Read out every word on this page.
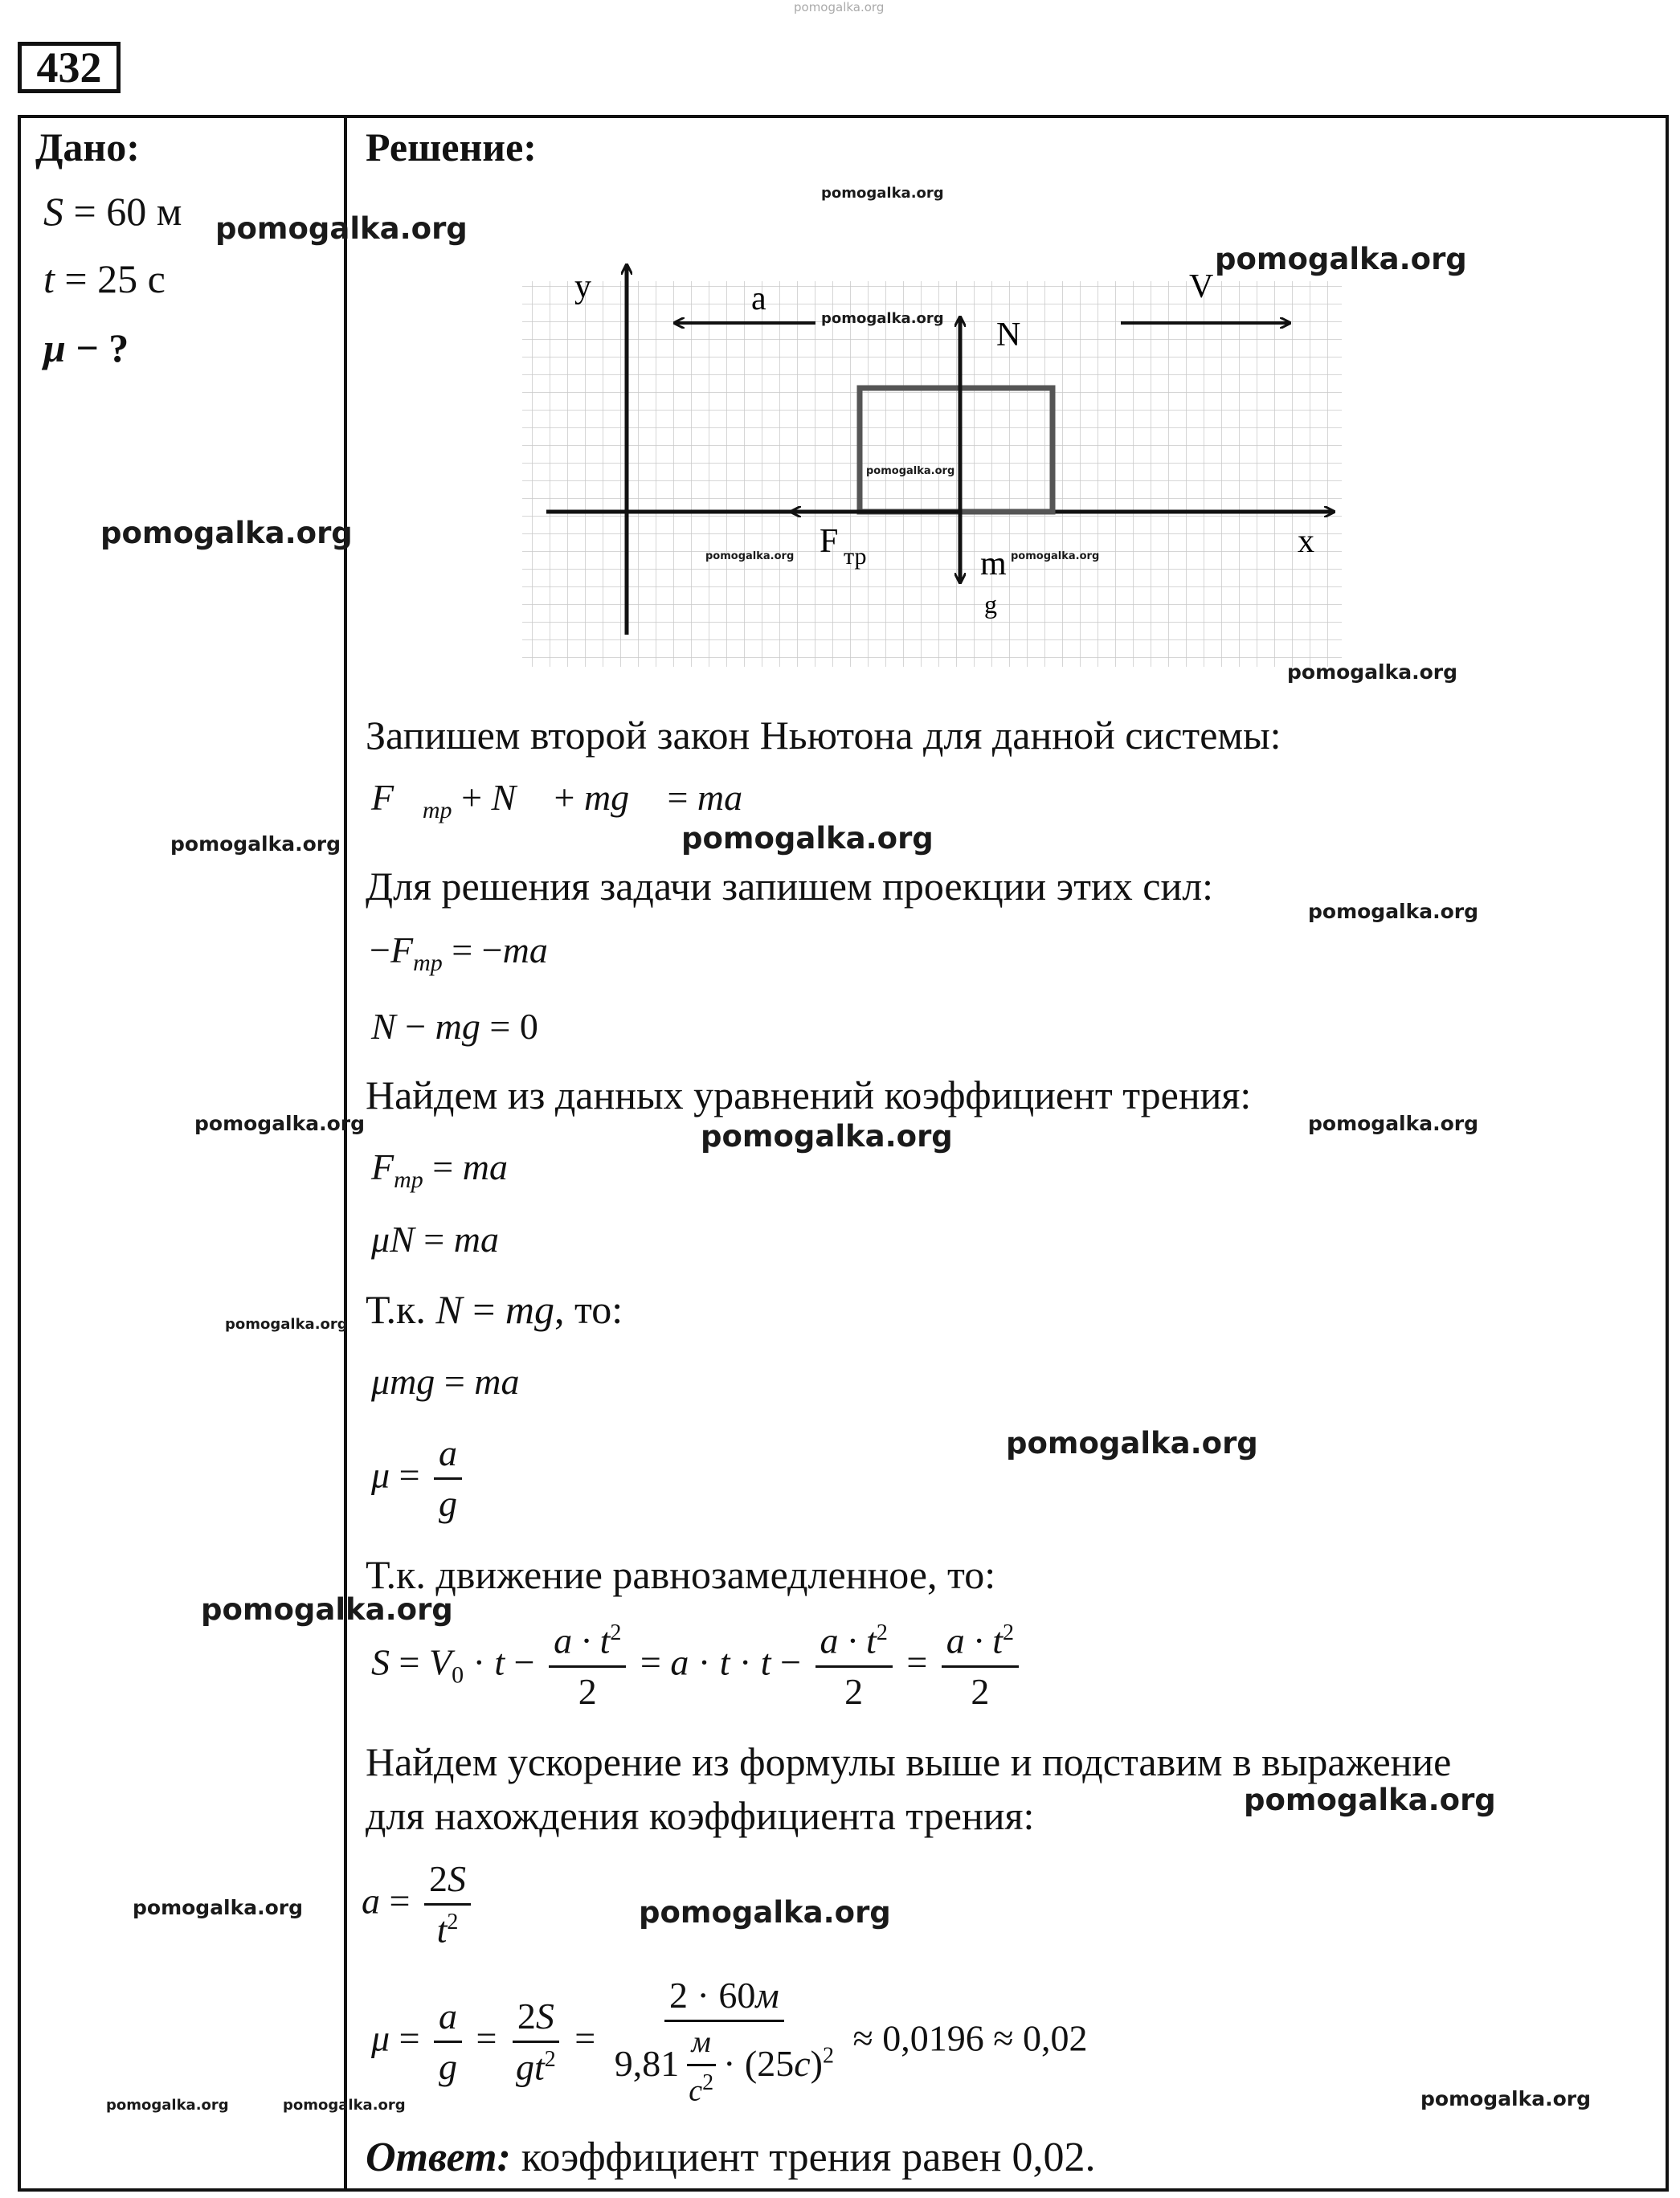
pomogalka.org
432
Дано:
S = 60 м
t = 25 с
μ − ?
Решение:
y
x
a	V
N
F тр	m
g
Запишем второй закон Ньютона для данной системы:
$F⃗_{тр}$ + N⃗ + mg⃗ = ma⃗
Для решения задачи запишем проекции этих сил:
$-F_{тр} = -ma$
N − mg = 0
Найдем из данных уравнений коэффициент трения:
$F_{тр}$ = ma
μN = ma
Т.к. N = mg, то:
μmg = ma
$\mu = \frac{a}{g}$
Т.к. движение равнозамедленное, то:
$S = V_0 \cdot t - \frac{a \cdot t^2}{2} = a \cdot t \cdot t - \frac{a \cdot t^2}{2} = \frac{a \cdot t^2}{2}$
Найдем ускорение из формулы выше и подставим в выражение
для нахождения коэффициента трения:
$a = \frac{2S}{t^2}$
$\mu = \frac{a}{g} = \frac{2S}{gt^2} = \frac{2 \cdot 60м}{9,81 \frac{м}{c^2} \cdot (25c)^2} \approx 0,0196 \approx 0,02$
Ответ: коэффициент трения равен 0,02.
pomogalka.org
pomogalka.org
pomogalka.org
pomogalka.org
pomogalka.org
pomogalka.org
pomogalka.org	pomogalka.org
pomogalka.org
pomogalka.org	pomogalka.org
pomogalka.org
pomogalka.org	pomogalka.org	pomogalka.org
pomogalka.org
pomogalka.org
pomogalka.org
pomogalka.org
pomogalka.org	pomogalka.org
pomogalka.org	pomogalka.org	pomogalka.org
